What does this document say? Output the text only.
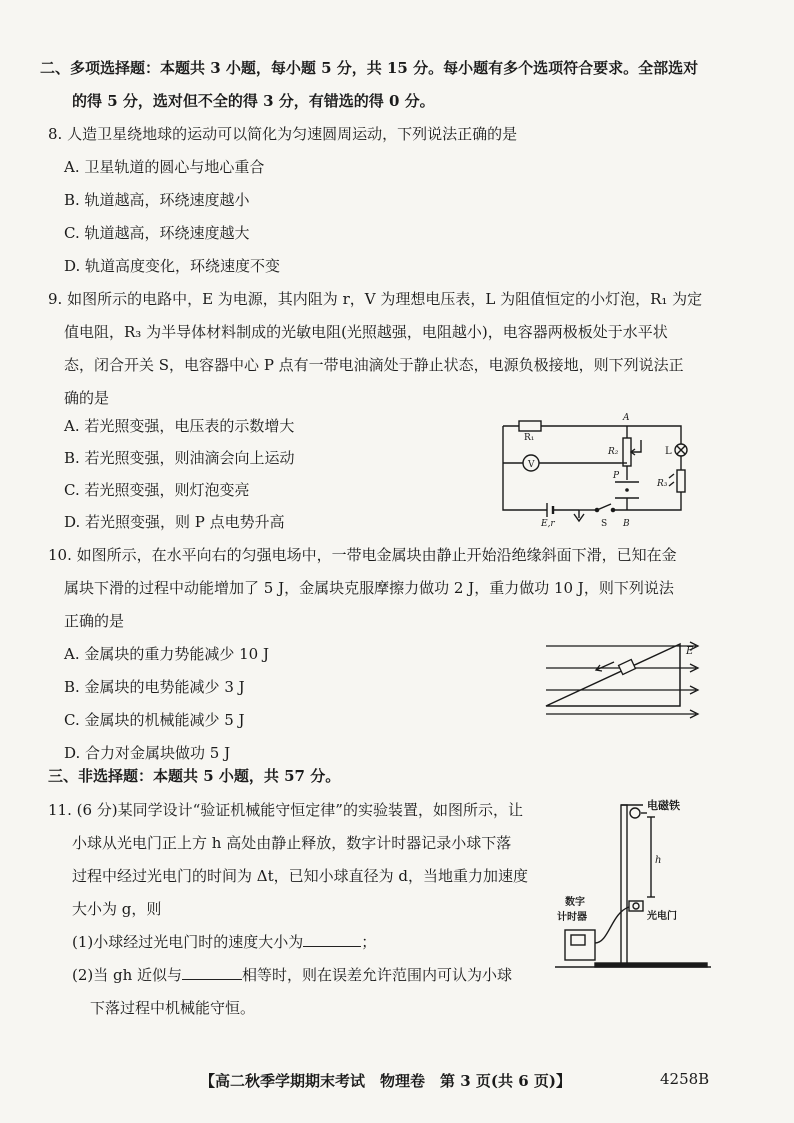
二、多项选择题：本题共 3 小题，每小题 5 分，共 15 分。每小题有多个选项符合要求。全部选对
的得 5 分，选对但不全的得 3 分，有错选的得 0 分。
8. 人造卫星绕地球的运动可以简化为匀速圆周运动，下列说法正确的是
A. 卫星轨道的圆心与地心重合
B. 轨道越高，环绕速度越小
C. 轨道越高，环绕速度越大
D. 轨道高度变化，环绕速度不变
9. 如图所示的电路中，E 为电源，其内阻为 r，V 为理想电压表，L 为阻值恒定的小灯泡，R₁ 为定
值电阻，R₃ 为半导体材料制成的光敏电阻(光照越强，电阻越小)，电容器两极板处于水平状
态，闭合开关 S，电容器中心 P 点有一带电油滴处于静止状态，电源负极接地，则下列说法正
确的是
A. 若光照变强，电压表的示数增大
B. 若光照变强，则油滴会向上运动
C. 若光照变强，则灯泡变亮
D. 若光照变强，则 P 点电势升高
R₁
V
A
R₂	L
P
R₃
E,r	S B
10. 如图所示，在水平向右的匀强电场中，一带电金属块由静止开始沿绝缘斜面下滑，已知在金
属块下滑的过程中动能增加了 5 J，金属块克服摩擦力做功 2 J，重力做功 10 J，则下列说法
正确的是
A. 金属块的重力势能减少 10 J
B. 金属块的电势能减少 3 J
C. 金属块的机械能减少 5 J
D. 合力对金属块做功 5 J
E
三、非选择题：本题共 5 小题，共 57 分。
11. (6 分)某同学设计“验证机械能守恒定律”的实验装置，如图所示，让
小球从光电门正上方 h 高处由静止释放，数字计时器记录小球下落
过程中经过光电门的时间为 Δt，已知小球直径为 d，当地重力加速度
大小为 g，则
(1)小球经过光电门时的速度大小为	；
(2)当 gh 近似与	相等时，则在误差允许范围内可认为小球
下落过程中机械能守恒。
电磁铁
h
数字
计时器	光电门
【高二秋季学期期末考试　物理卷　第 3 页(共 6 页)】	4258B
